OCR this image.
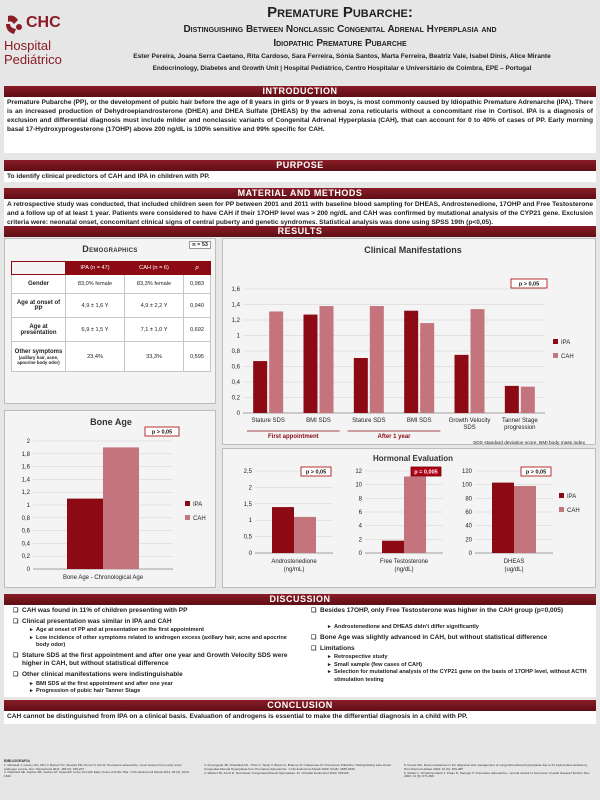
CHC
Hospital
Pediátrico
Premature Pubarche:
Distinguishing Between Nonclassic Congenital Adrenal Hyperplasia and
Idiopathic Premature Pubarche
Ester Pereira, Joana Serra Caetano, Rita Cardoso, Sara Ferreira, Sónia Santos, Marta Ferreira, Beatriz Vale, Isabel Dinis, Alice Mirante
Endocrinology, Diabetes and Growth Unit | Hospital Pediátrico, Centro Hospitalar e Universitário de Coimbra, EPE – Portugal
INTRODUCTION
Premature Pubarche (PP), or the development of pubic hair before the age of 8 years in girls or 9 years in boys, is most commonly caused by Idiopathic Premature Adrenarche (IPA). There is an increased production of Dehydroepiandrosterone (DHEA) and DHEA Sulfate (DHEAS) by the adrenal zona reticularis without a concomitant rise in Cortisol. IPA is a diagnosis of exclusion and differential diagnosis must include milder and nonclassic variants of Congenital Adrenal Hyperplasia (CAH), that can account for 0 to 40% of cases of PP. Early morning basal 17-Hydroxyprogesterone (17OHP) above 200 ng/dL is 100% sensitive and 99% specific for CAH.
PURPOSE
To identify clinical predictors of CAH and IPA in children with PP.
MATERIAL AND METHODS
A retrospective study was conducted, that included children seen for PP between 2001 and 2011 with baseline blood sampling for DHEAS, Androstenedione, 17OHP and Free Testosterone and a follow up of at least 1 year. Patients were considered to have CAH if their 17OHP level was > 200 ng/dL and CAH was confirmed by mutational analysis of the CYP21 gene. Exclusion criteria were: neonatal onset, concomitant clinical signs of central puberty and genetic syndromes. Statistical analysis was done using SPSS 19th (p<0,05).
RESULTS
Demographics	n = 53
	IPA (n = 47)	CAH (n = 6)	p
Gender	83,0% female	83,3% female	0,983
Age at onset of PP	4,9 ± 1,6 Y	4,9 ± 2,2 Y	0,940
Age at presentation	6,9 ± 1,5 Y	7,1 ± 1,0 Y	0,692

Other symptoms
(axillary hair, acne, apocrine body odor)	23,4%	33,3%	0,595
Bone Age
p > 0,05
0
0,2
0,4
0,6
0,8
1
1,2
1,4
1,6
1,8
2
Bone Age - Chronological Age
IPA
CAH
Clinical Manifestations
p > 0,05
0
0,2
0,4
0,6
0,8
1
1,2
1,4
1,6
Stature SDS	BMI SDS	Stature SDS	BMI SDS	Growth Velocity
SDS
Tanner Stage
progression
First appointment	After 1 year
SDS standard deviation score, BMI body mass index
IPA
CAH
Hormonal Evaluation
0
0,5
1
1,5
2
2,5	p > 0,05
Androstenedione
(ng/mL)
0
2
4
6
8
10
12	p = 0,005
Free Testosterone
(ng/dL)
0
20
40
60
80
100
120	p > 0,05
DHEAS
(ug/dL)
IPA
CAH
DISCUSSION
❏ CAH was found in 11% of children presenting with PP
❏ Clinical presentation was similar in IPA and CAH
▸ Age at onset of PP and at presentation on the first appointment
▸ Low incidence of other symptoms related to androgen excess (axillary hair, acne and apocrine body odor)
❏ Stature SDS at the first appointment and after one year and Growth Velocity SDS were higher in CAH, but without statistical difference
❏ Other clinical manifestations were indistinguishable
▸ BMI SDS at the first appointment and after one year
▸ Progression of pubic hair Tanner Stage
❏ Besides 17OHP, only Free Testosterone was higher in the CAH group (p=0,005)
▸ Androstenedione and DHEAS didn't differ significantly
❏ Bone Age was slightly advanced in CAH, but without statistical difference
❏ Limitations
▸ Retrospective study
▸ Small sample (few cases of CAH)
▸ Selection for mutational analysis of the CYP21 gene on the basis of 17OHP level, without ACTH stimulation testing
BIBLIOGRAFIA
1. Idkowiak J, Lavery GG, Dhir V, Barrett TG, Stewart PM, Krone N, Arlt W. Premature adrenarche: novel lessons from early onset androgen excess. Eur J Endocrinol 2011; 165 (2): 189-207
2. Oberfield SE, Sopher AB, Gerken AT. Approach to the Girl with Early Onset of Pubic Hair. J Clin Endocrinol Metab 2011; 96 (6): 1610-1622
3. Armengaud JB, Charkaluk ML, Trivin C, Tardy V, Bréart G, Brauner R, Chalumeau M. Precocious Pubarche: Distinguishing Late-Onset Congenital Adrenal Hyperplasia from Premature Adrenarche. J Clin Endocrinol Metab 2009; 94 (8): 2835-2840
4. Witchel SF, Azziz R. Nonclassic Congenital Adrenal Hyperplasia. Int J Pediatr Endocrinol 2010; 625105
5. Forest MG. Recent advances in the diagnosis and management of congenital adrenal hyperplasia due to 21-hydroxylase deficiency. Hum Reprod Update 2004; 10 (6): 469-485
6. Ibáñez L, Dimartino-Nardi J, Potau N, Saenger P. Premature adrenarche—normal variant or forerunner of adult disease? Endocr Rev 2000; 21 (6): 671-696
CONCLUSION
CAH cannot be distinguished from IPA on a clinical basis. Evaluation of androgens is essential to make the differential diagnosis in a child with PP.
